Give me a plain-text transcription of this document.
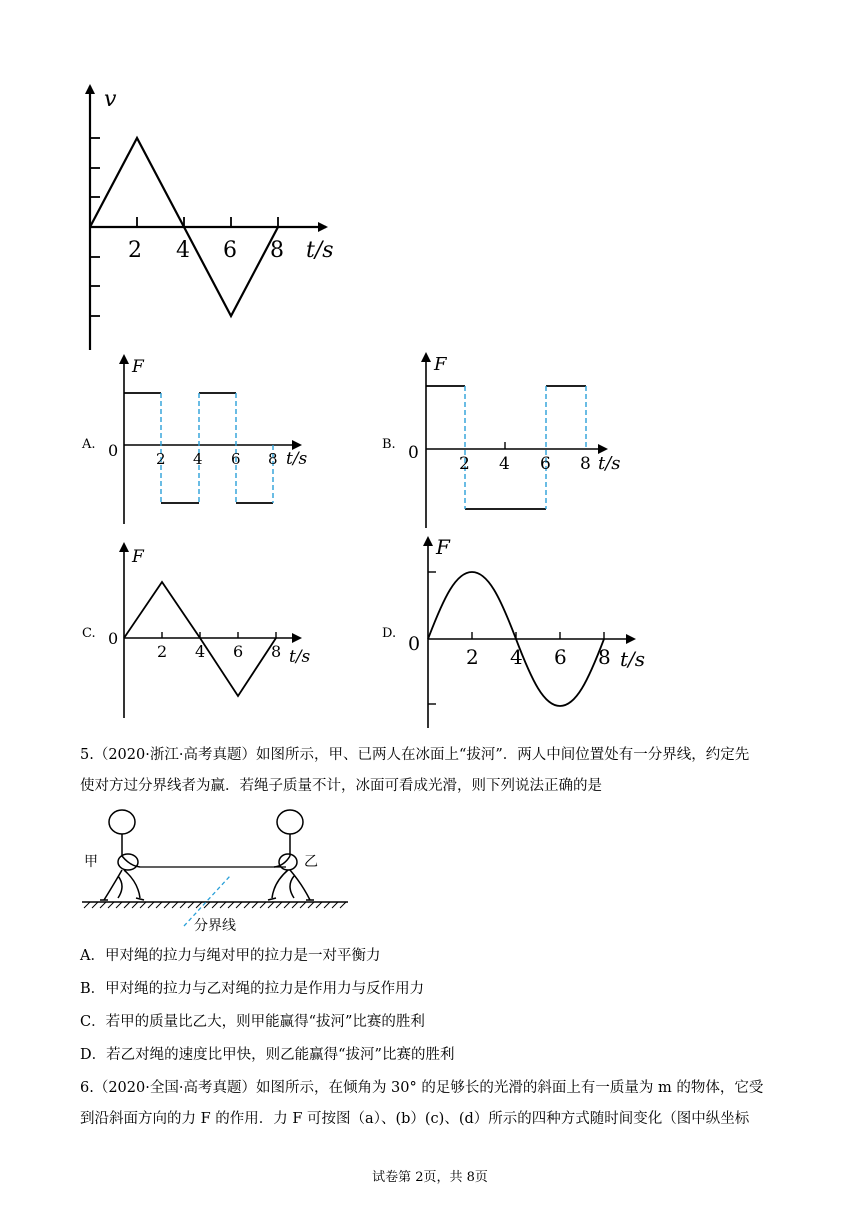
v
2 4 6 8 t/s
A.
F
0	2 4 6 8 t/s
B.
F
0
2 4 6 8 t/s
C.
F
0
2 4 6 8 t/s
D.
F
0
2 4 6 8 t/s
5.（2020·浙江·高考真题）如图所示，甲、已两人在冰面上“拔河”．两人中间位置处有一分界线，约定先
使对方过分界线者为赢．若绳子质量不计，冰面可看成光滑，则下列说法正确的是
甲	乙
分界线
A．甲对绳的拉力与绳对甲的拉力是一对平衡力
B．甲对绳的拉力与乙对绳的拉力是作用力与反作用力
C．若甲的质量比乙大，则甲能赢得“拔河”比赛的胜利
D．若乙对绳的速度比甲快，则乙能赢得“拔河”比赛的胜利
6.（2020·全国·高考真题）如图所示，在倾角为 30° 的足够长的光滑的斜面上有一质量为 m 的物体，它受
到沿斜面方向的力 F 的作用．力 F 可按图（a）、(b）(c)、(d）所示的四种方式随时间变化（图中纵坐标
试卷第 2页，共 8页
